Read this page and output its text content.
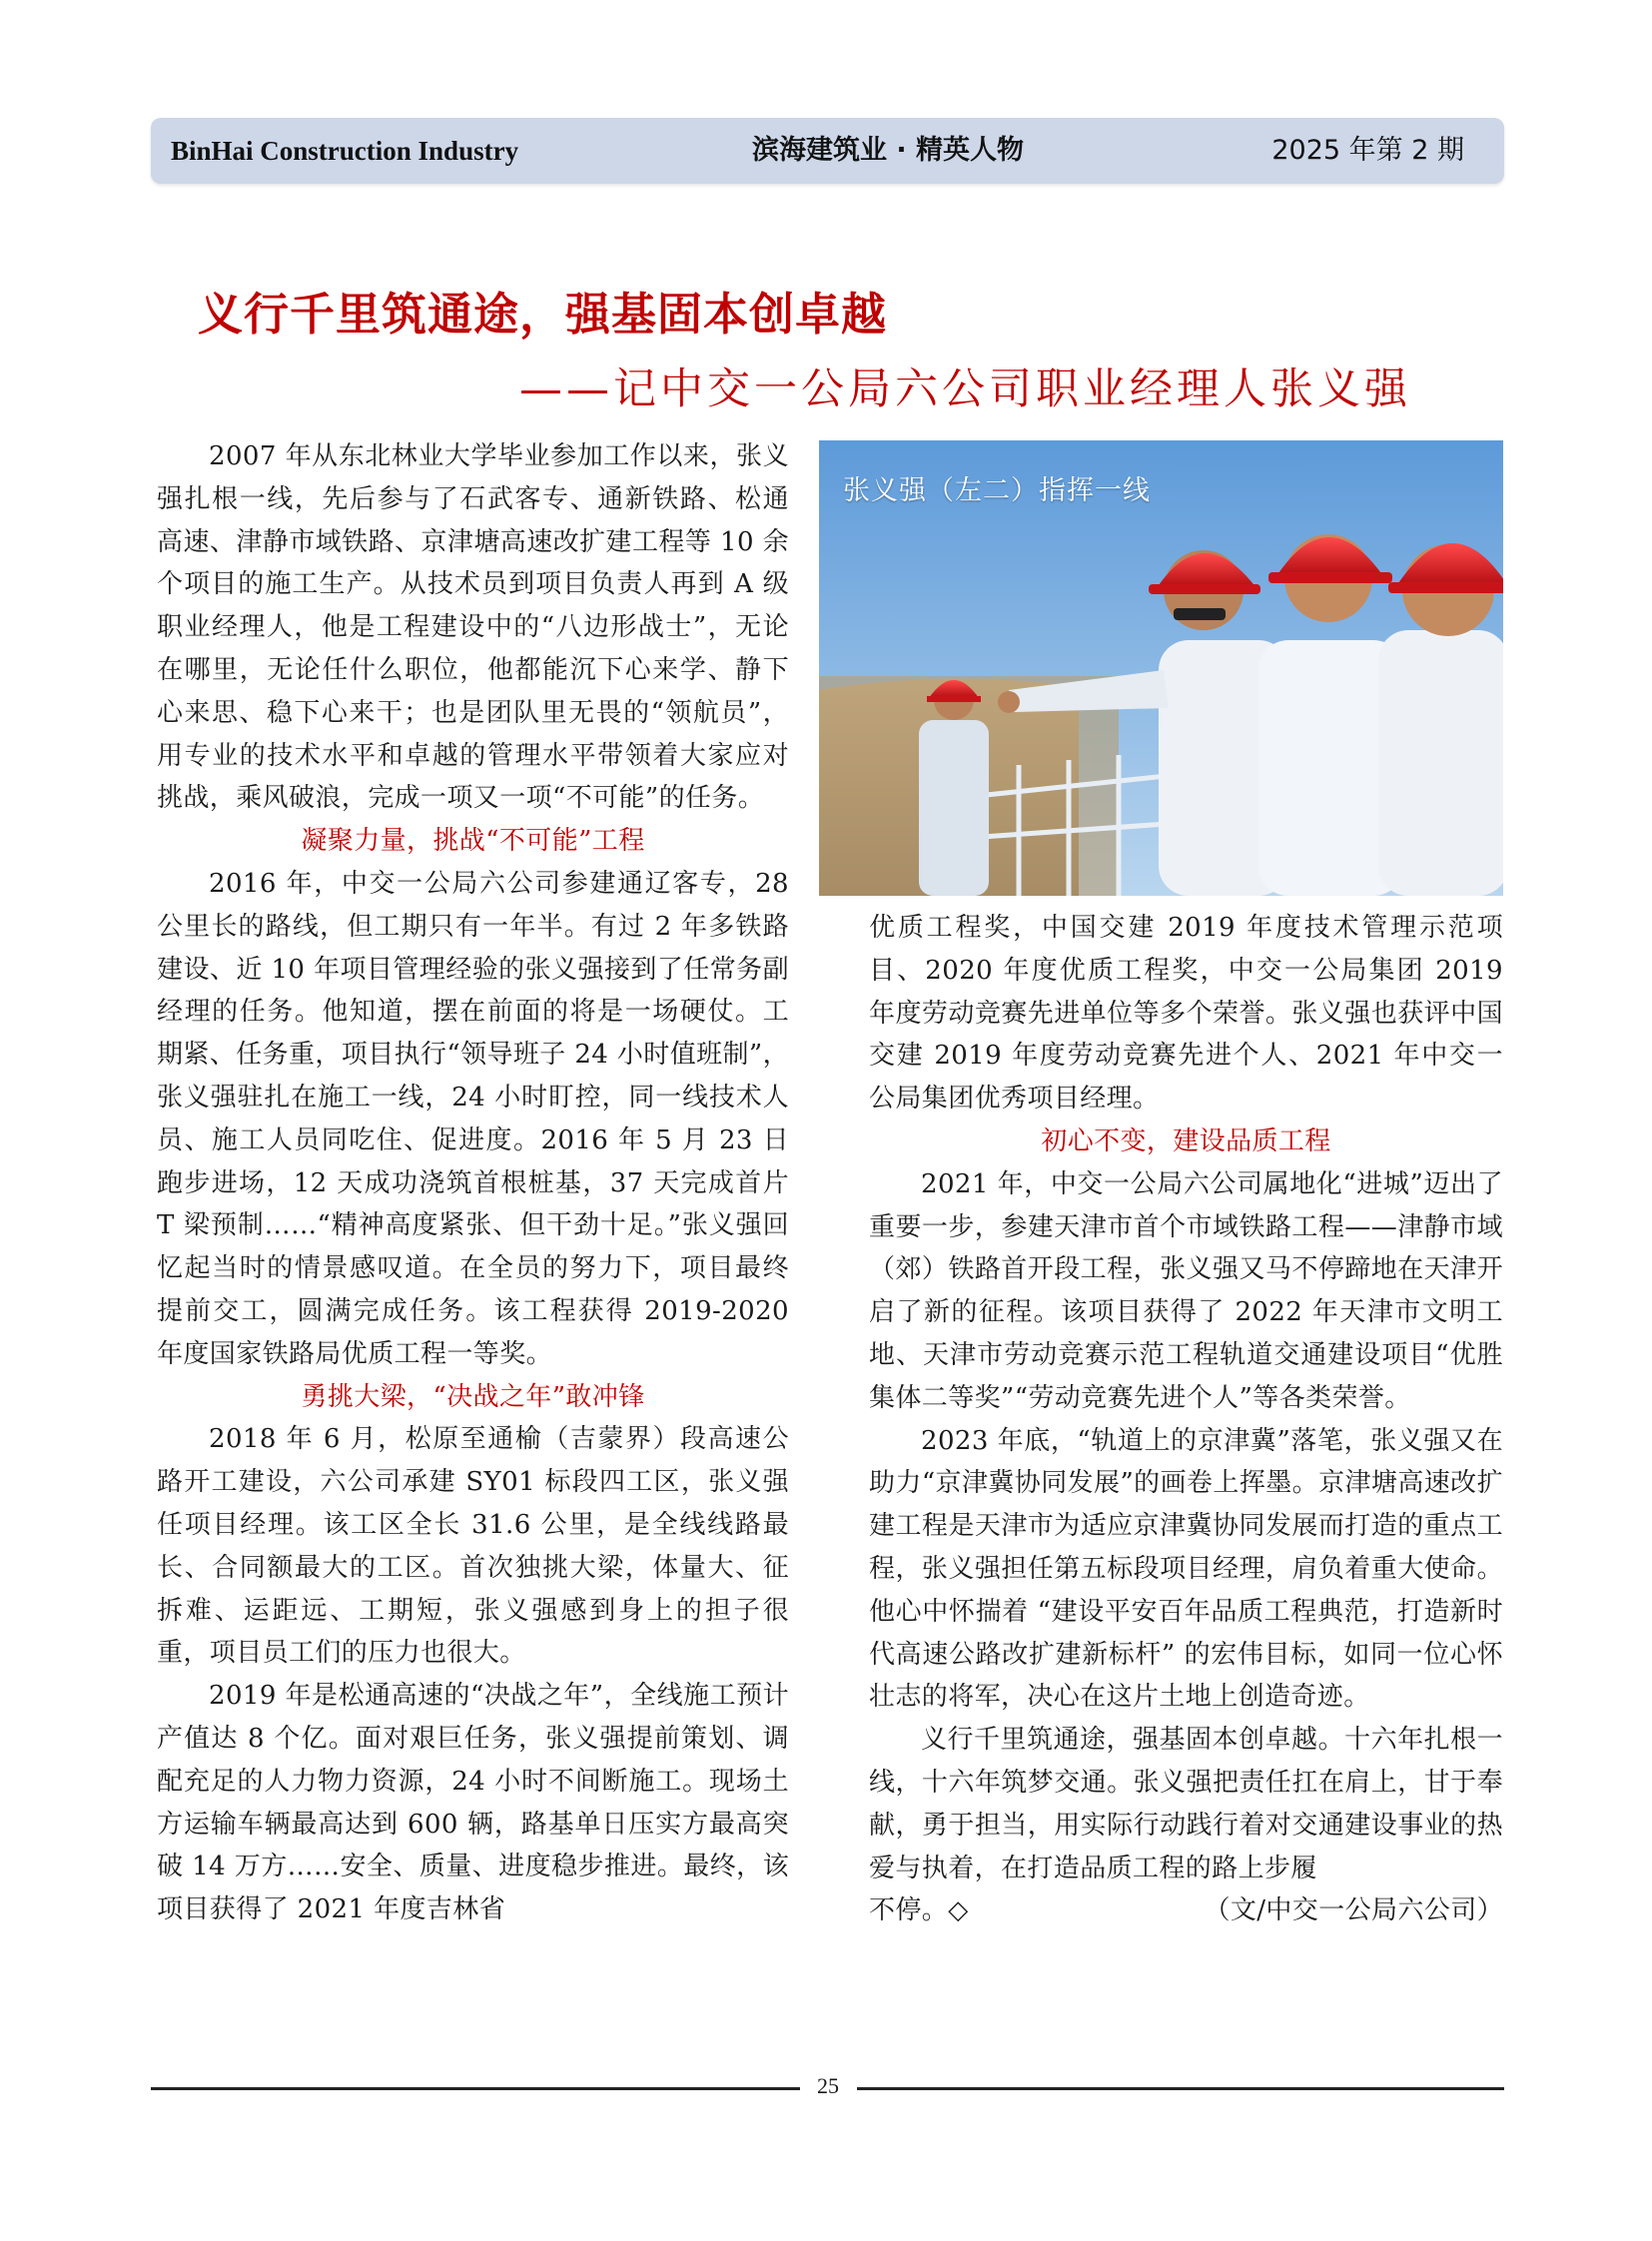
BinHai Construction Industry	滨海建筑业 · 精英人物	2025 年第 2 期
义行千里筑通途，强基固本创卓越
——记中交一公局六公司职业经理人张义强

2007 年从东北林业大学毕业参加工作以来，张义强扎根一线，先后参与了石武客专、通新铁路、松通高速、津静市域铁路、京津塘高速改扩建工程等 10 余个项目的施工生产。从技术员到项目负责人再到 A 级职业经理人，他是工程建设中的“八边形战士”，无论在哪里，无论任什么职位，他都能沉下心来学、静下心来思、稳下心来干；也是团队里无畏的“领航员”，用专业的技术水平和卓越的管理水平带领着大家应对挑战，乘风破浪，完成一项又一项“不可能”的任务。

凝聚力量，挑战“不可能”工程

2016 年，中交一公局六公司参建通辽客专，28 公里长的路线，但工期只有一年半。有过 2 年多铁路建设、近 10 年项目管理经验的张义强接到了任常务副经理的任务。他知道，摆在前面的将是一场硬仗。工期紧、任务重，项目执行“领导班子 24 小时值班制”，张义强驻扎在施工一线，24 小时盯控，同一线技术人员、施工人员同吃住、促进度。2016 年 5 月 23 日跑步进场，12 天成功浇筑首根桩基，37 天完成首片 T 梁预制……“精神高度紧张、但干劲十足。”张义强回忆起当时的情景感叹道。在全员的努力下，项目最终提前交工，圆满完成任务。该工程获得 2019-2020 年度国家铁路局优质工程一等奖。

勇挑大梁，“决战之年”敢冲锋

2018 年 6 月，松原至通榆（吉蒙界）段高速公路开工建设，六公司承建 SY01 标段四工区，张义强任项目经理。该工区全长 31.6 公里，是全线线路最长、合同额最大的工区。首次独挑大梁，体量大、征拆难、运距远、工期短，张义强感到身上的担子很重，项目员工们的压力也很大。

2019 年是松通高速的“决战之年”，全线施工预计产值达 8 个亿。面对艰巨任务，张义强提前策划、调配充足的人力物力资源，24 小时不间断施工。现场土方运输车辆最高达到 600 辆，路基单日压实方最高突破 14 万方……安全、质量、进度稳步推进。最终，该项目获得了 2021 年度吉林省

张义强（左二）指挥一线

优质工程奖，中国交建 2019 年度技术管理示范项目、2020 年度优质工程奖，中交一公局集团 2019 年度劳动竞赛先进单位等多个荣誉。张义强也获评中国交建 2019 年度劳动竞赛先进个人、2021 年中交一公局集团优秀项目经理。

初心不变，建设品质工程

2021 年，中交一公局六公司属地化“进城”迈出了重要一步，参建天津市首个市域铁路工程——津静市域（郊）铁路首开段工程，张义强又马不停蹄地在天津开启了新的征程。该项目获得了 2022 年天津市文明工地、天津市劳动竞赛示范工程轨道交通建设项目“优胜集体二等奖”“劳动竞赛先进个人”等各类荣誉。

2023 年底，“轨道上的京津冀”落笔，张义强又在助力“京津冀协同发展”的画卷上挥墨。京津塘高速改扩建工程是天津市为适应京津冀协同发展而打造的重点工程，张义强担任第五标段项目经理，肩负着重大使命。他心中怀揣着 “建设平安百年品质工程典范，打造新时代高速公路改扩建新标杆” 的宏伟目标，如同一位心怀壮志的将军，决心在这片土地上创造奇迹。

义行千里筑通途，强基固本创卓越。十六年扎根一线，十六年筑梦交通。张义强把责任扛在肩上，甘于奉献，勇于担当，用实际行动践行着对交通建设事业的热爱与执着，在打造品质工程的路上步履

不停。◇	（文/中交一公局六公司）

25
